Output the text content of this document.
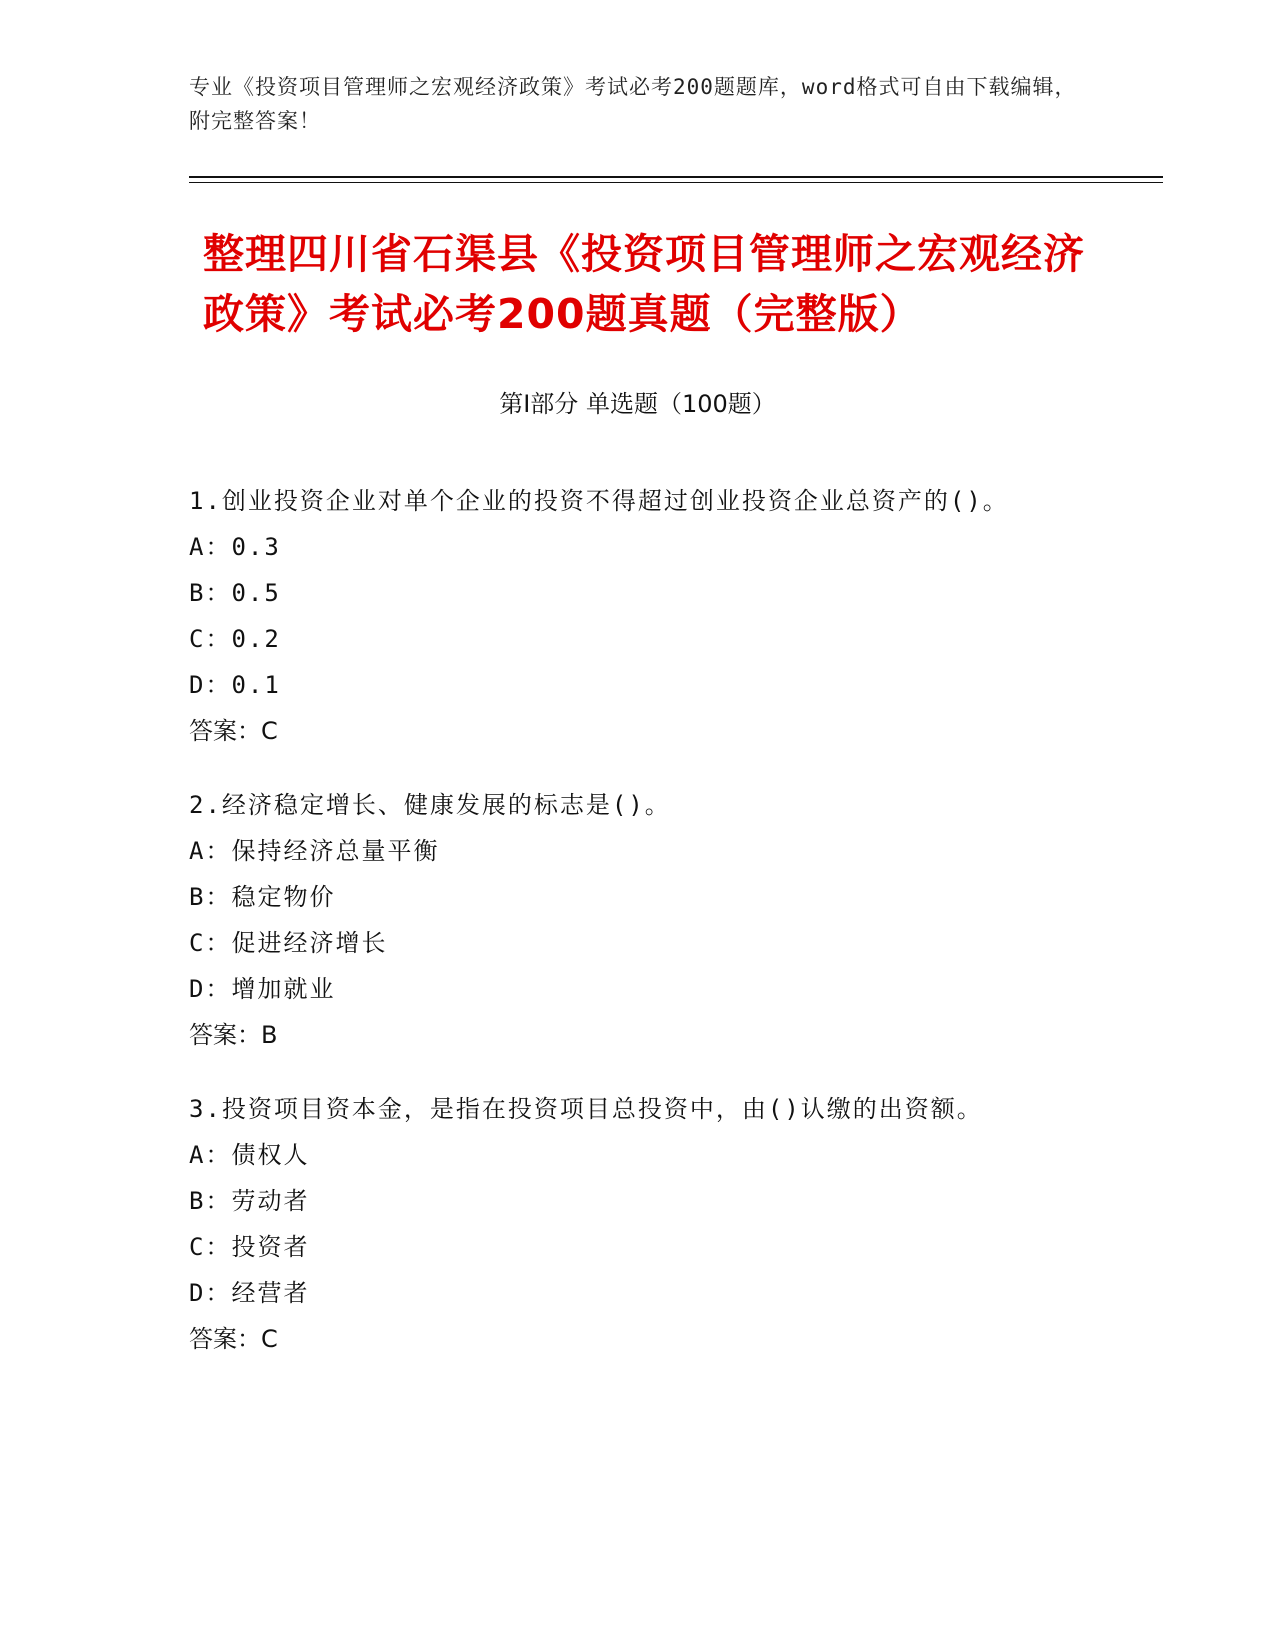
专业《投资项目管理师之宏观经济政策》考试必考200题题库，word格式可自由下载编辑，附完整答案！
整理四川省石渠县《投资项目管理师之宏观经济政策》考试必考200题真题（完整版）
第I部分 单选题（100题）

1.创业投资企业对单个企业的投资不得超过创业投资企业总资产的()。

A：0.3

B：0.5

C：0.2

D：0.1

答案：C

2.经济稳定增长、健康发展的标志是()。

A：保持经济总量平衡

B：稳定物价

C：促进经济增长

D：增加就业

答案：B

3.投资项目资本金，是指在投资项目总投资中，由()认缴的出资额。

A：债权人

B：劳动者

C：投资者

D：经营者

答案：C
